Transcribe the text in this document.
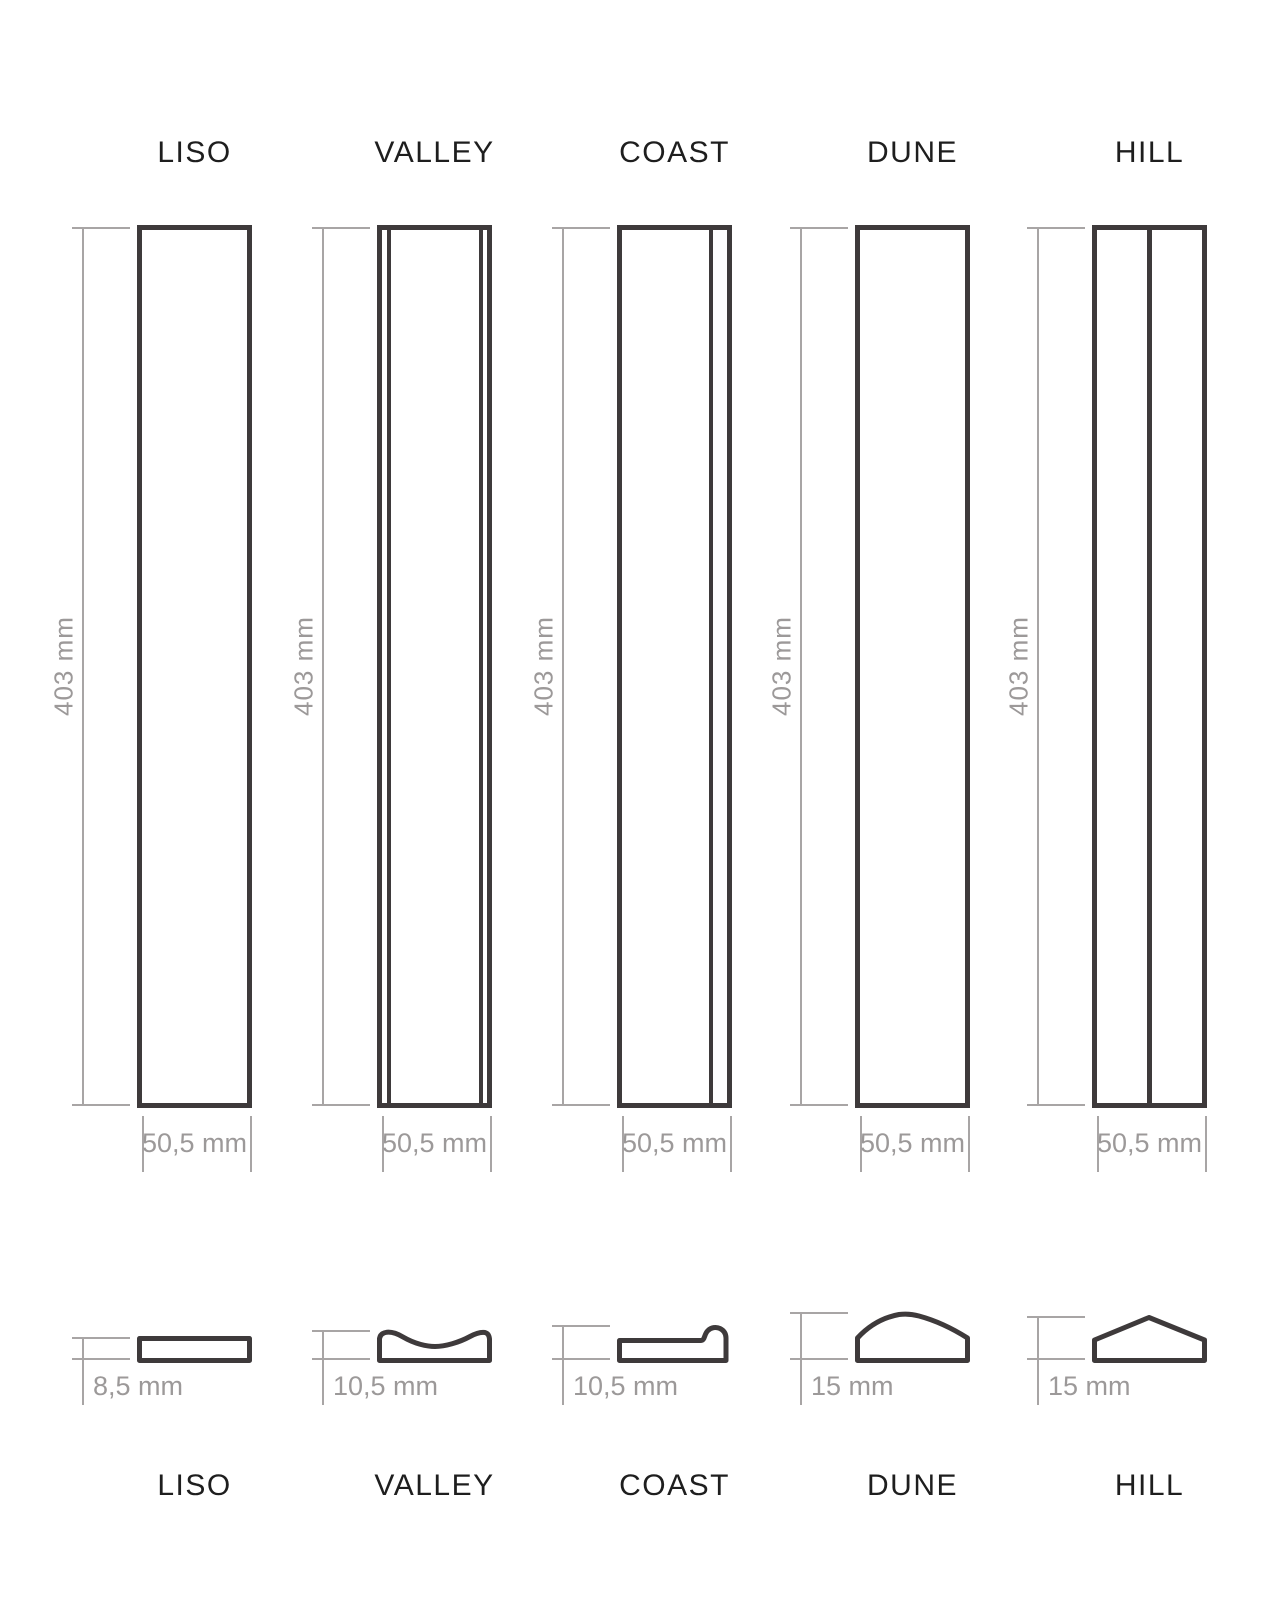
LISO
403 mm
50,5 mm
8,5 mm
LISO
VALLEY
403 mm
50,5 mm
10,5 mm
VALLEY
COAST
403 mm
50,5 mm
10,5 mm
COAST
DUNE
403 mm
50,5 mm
15 mm
DUNE
HILL
403 mm
50,5 mm
15 mm
HILL
